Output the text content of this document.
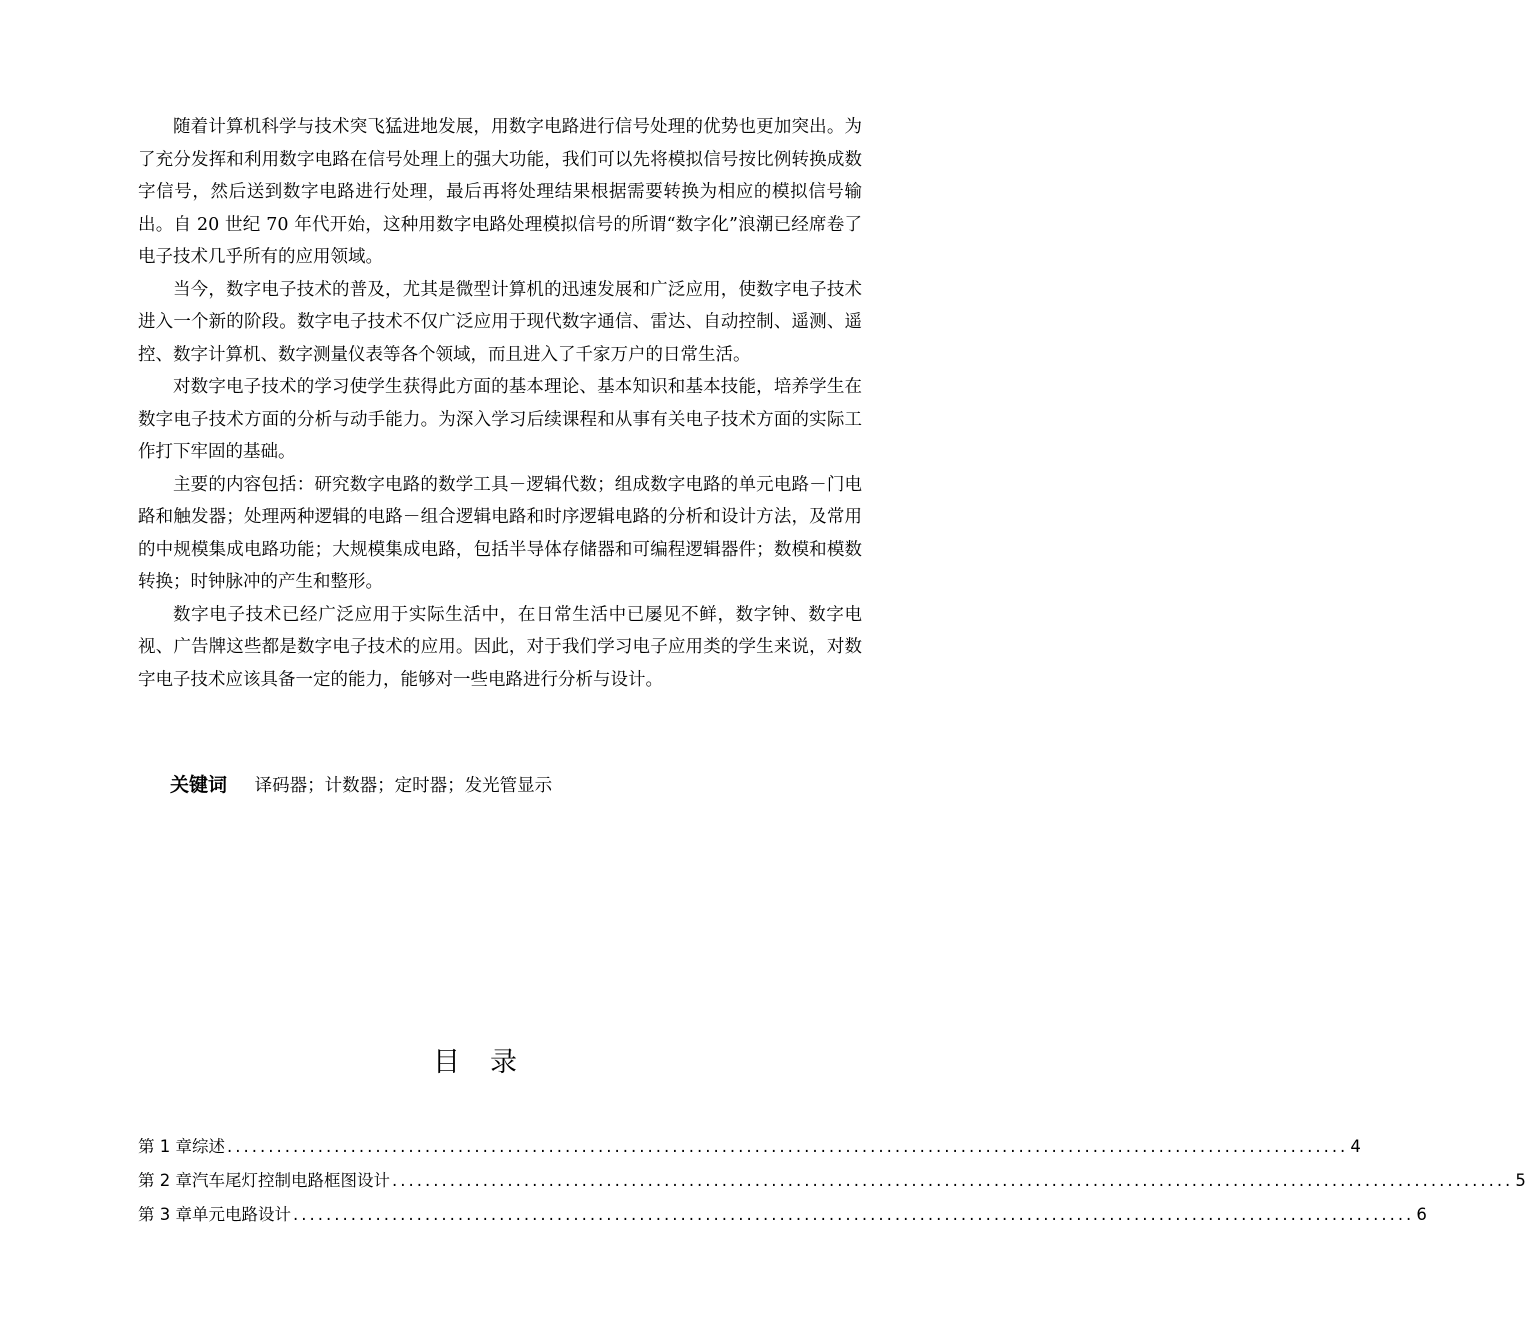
随着计算机科学与技术突飞猛进地发展，用数字电路进行信号处理的优势也更加突出。为了充分发挥和利用数字电路在信号处理上的强大功能，我们可以先将模拟信号按比例转换成数字信号，然后送到数字电路进行处理，最后再将处理结果根据需要转换为相应的模拟信号输出。自 20 世纪 70 年代开始，这种用数字电路处理模拟信号的所谓“数字化”浪潮已经席卷了电子技术几乎所有的应用领域。

当今，数字电子技术的普及，尤其是微型计算机的迅速发展和广泛应用，使数字电子技术进入一个新的阶段。数字电子技术不仅广泛应用于现代数字通信、雷达、自动控制、遥测、遥控、数字计算机、数字测量仪表等各个领域，而且进入了千家万户的日常生活。

对数字电子技术的学习使学生获得此方面的基本理论、基本知识和基本技能，培养学生在数字电子技术方面的分析与动手能力。为深入学习后续课程和从事有关电子技术方面的实际工作打下牢固的基础。

主要的内容包括：研究数字电路的数学工具－逻辑代数；组成数字电路的单元电路－门电路和触发器；处理两种逻辑的电路－组合逻辑电路和时序逻辑电路的分析和设计方法，及常用的中规模集成电路功能；大规模集成电路，包括半导体存储器和可编程逻辑器件；数模和模数转换；时钟脉冲的产生和整形。

数字电子技术已经广泛应用于实际生活中，在日常生活中已屡见不鲜，数字钟、数字电视、广告牌这些都是数字电子技术的应用。因此，对于我们学习电子应用类的学生来说，对数字电子技术应该具备一定的能力，能够对一些电路进行分析与设计。

关键词 译码器；计数器；定时器；发光管显示
目录
第 1 章 综述 ........................................................................................................................................ 4
第 2 章 汽车尾灯控制电路框图设计 ........................................................................................................................................ 5
第 3 章 单元电路设计 ........................................................................................................................................ 6
